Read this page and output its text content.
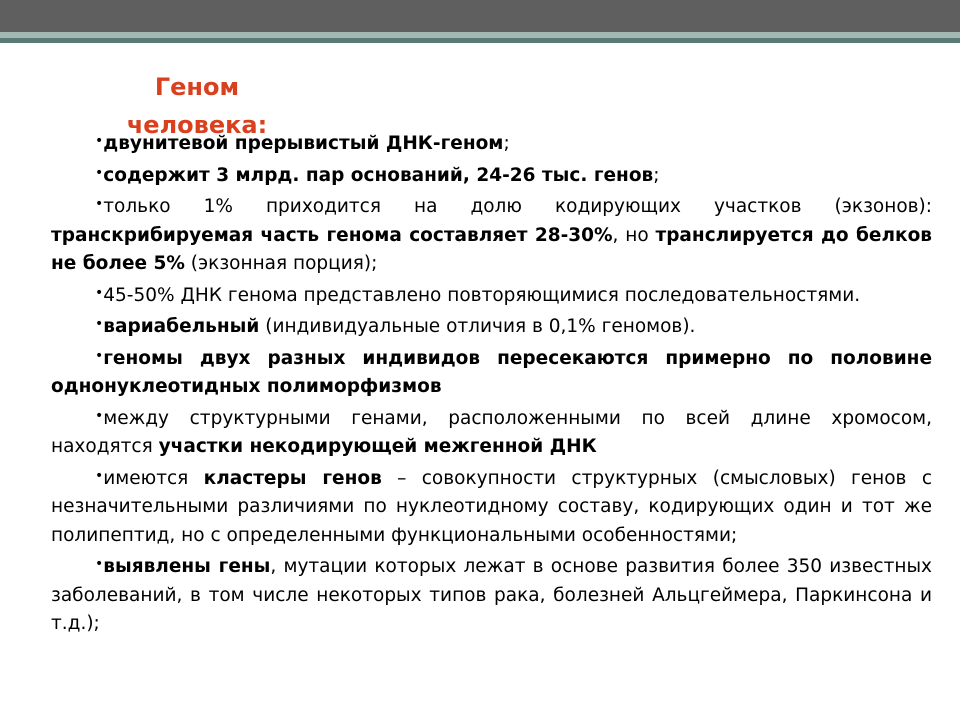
Геном человека:

•двунитевой прерывистый ДНК-геном;

•содержит 3 млрд. пар оснований, 24-26 тыс. генов;

•только 1% приходится на долю кодирующих участков (экзонов): транскрибируемая часть генома составляет 28-30%, но транслируется до белков не более 5% (экзонная порция);

•45-50% ДНК генома представлено повторяющимися последовательностями.

•вариабельный (индивидуальные отличия в 0,1% геномов).

•геномы двух разных индивидов пересекаются примерно по половине однонуклеотидных полиморфизмов

•между структурными генами, расположенными по всей длине хромосом, находятся участки некодирующей межгенной ДНК

•имеются кластеры генов – совокупности структурных (смысловых) генов с незначительными различиями по нуклеотидному составу, кодирующих один и тот же полипептид, но с определенными функциональными особенностями;

•выявлены гены, мутации которых лежат в основе развития более 350 известных заболеваний, в том числе некоторых типов рака, болезней Альцгеймера, Паркинсона и т.д.);
